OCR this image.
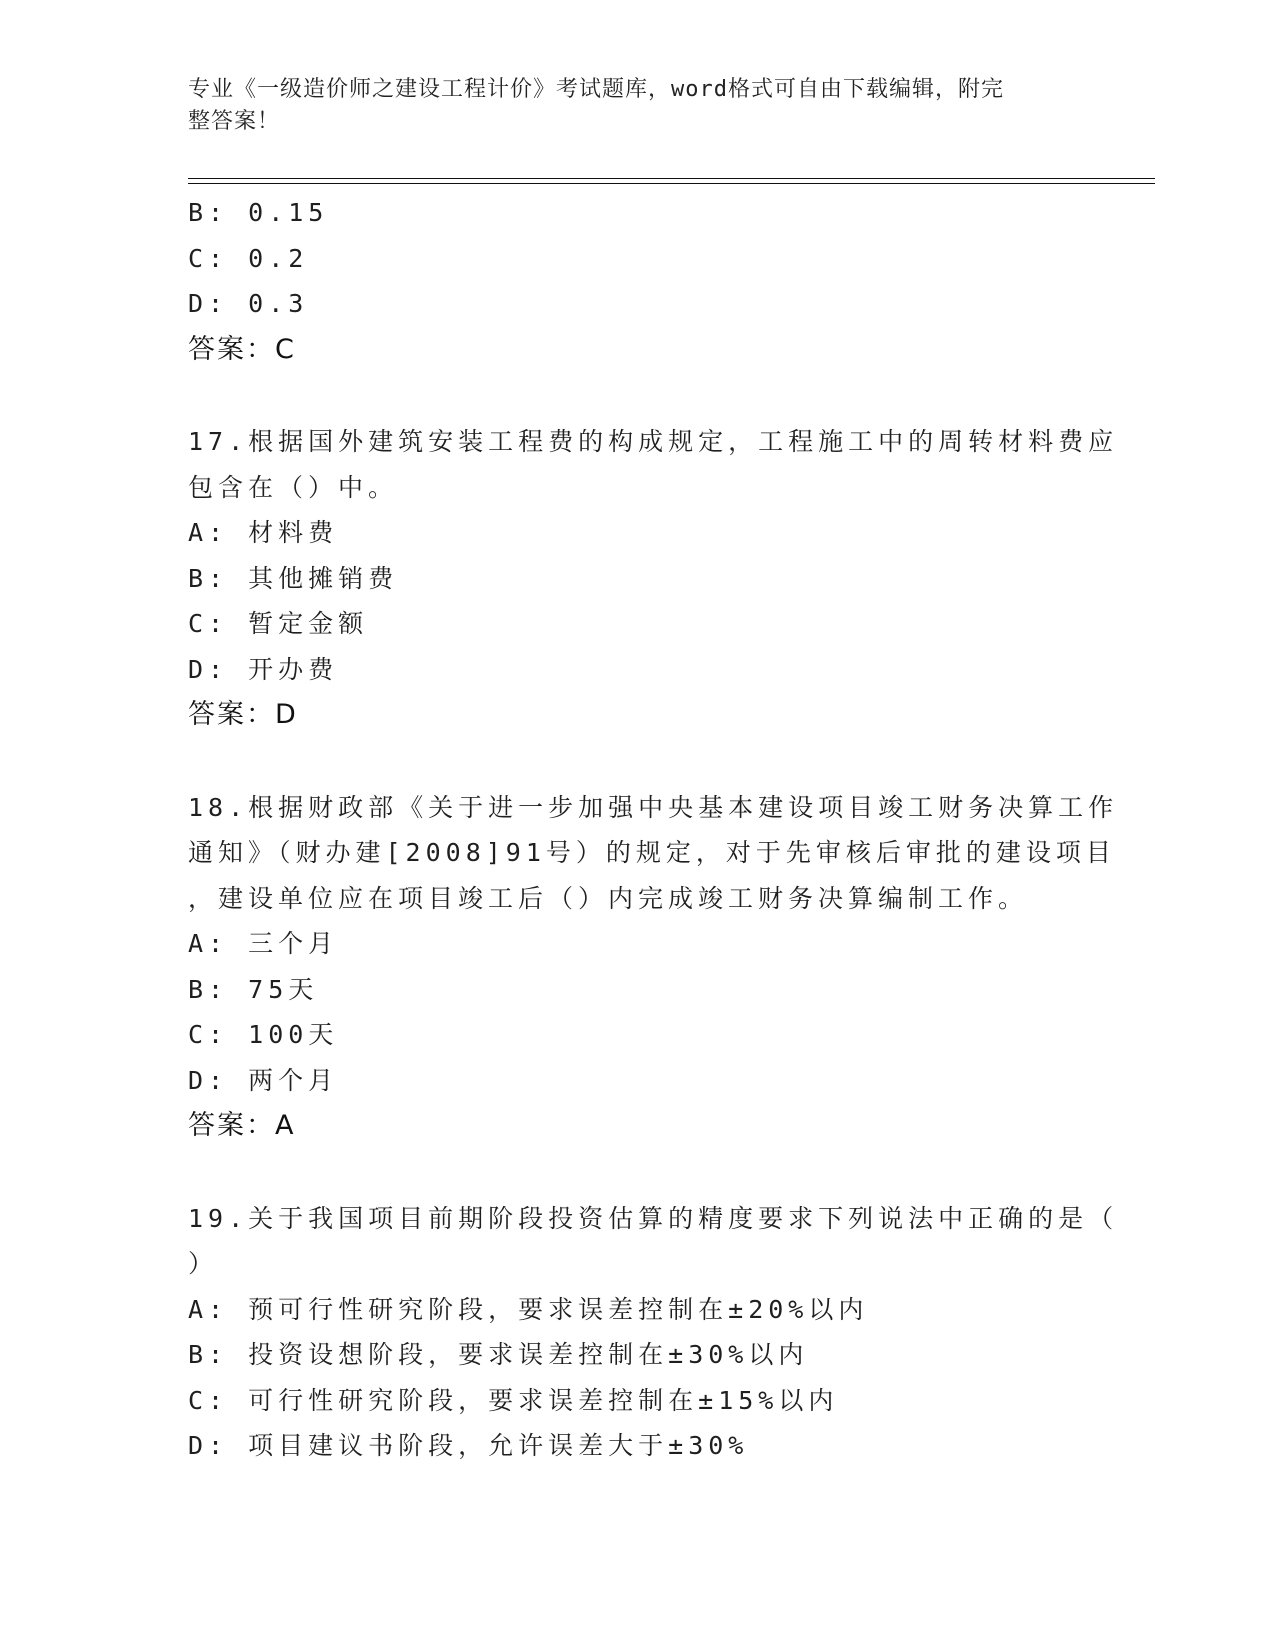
专业《一级造价师之建设工程计价》考试题库，word格式可自由下载编辑，附完
整答案！
B: 0.15
C: 0.2
D: 0.3
答案：C
17.根据国外建筑安装工程费的构成规定，工程施工中的周转材料费应
包含在（）中。
A: 材料费
B: 其他摊销费
C: 暂定金额
D: 开办费
答案：D
18.根据财政部《关于进一步加强中央基本建设项目竣工财务决算工作
通知》（财办建[2008]91号）的规定，对于先审核后审批的建设项目
，建设单位应在项目竣工后（）内完成竣工财务决算编制工作。
A: 三个月
B: 75天
C: 100天
D: 两个月
答案：A
19.关于我国项目前期阶段投资估算的精度要求下列说法中正确的是（
）
A: 预可行性研究阶段，要求误差控制在±20%以内
B: 投资设想阶段，要求误差控制在±30%以内
C: 可行性研究阶段，要求误差控制在±15%以内
D: 项目建议书阶段，允许误差大于±30%
